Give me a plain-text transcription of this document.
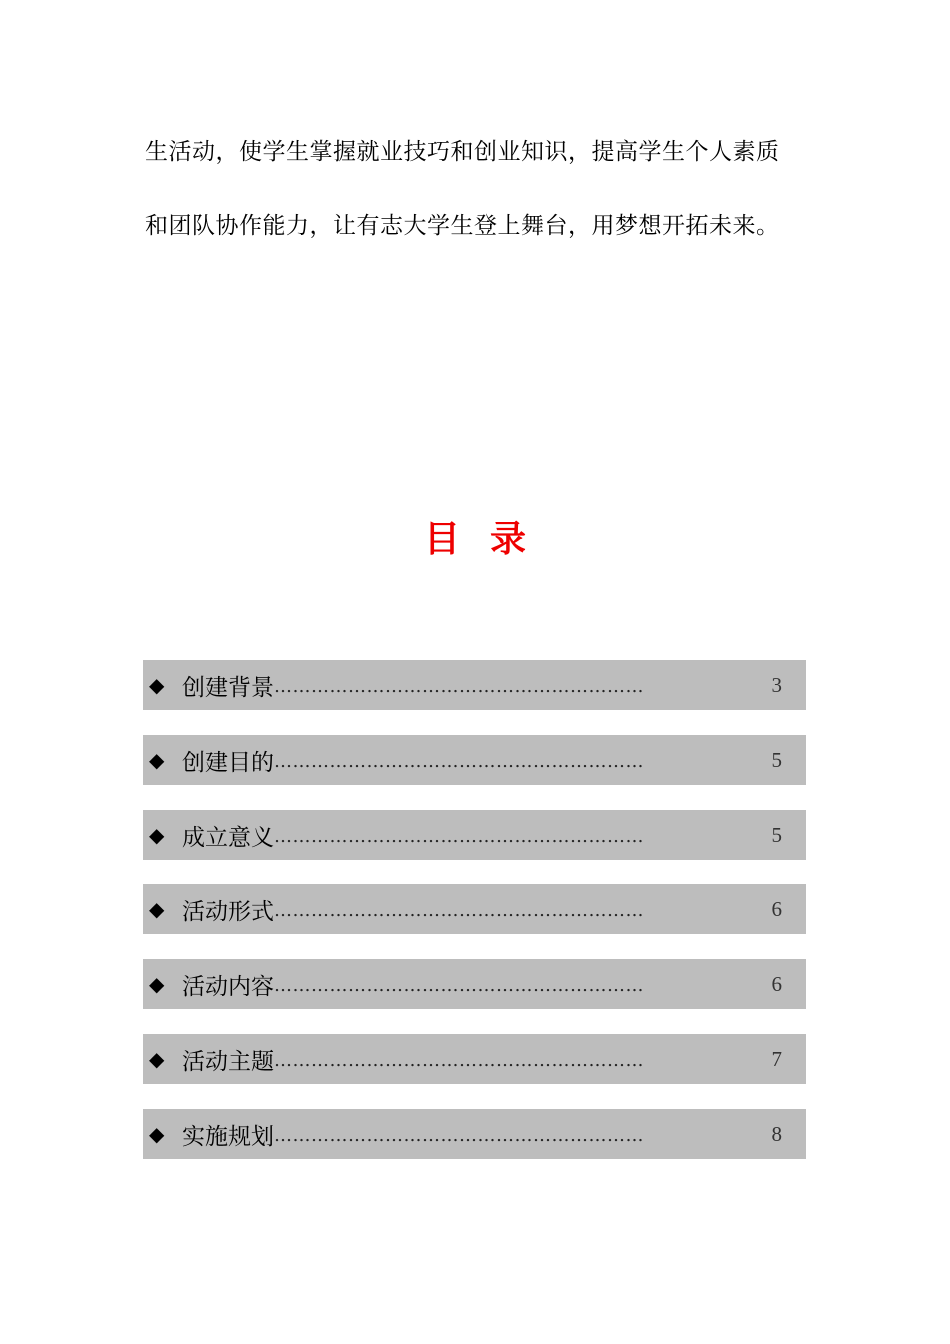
生活动，使学生掌握就业技巧和创业知识，提高学生个人素质
和团队协作能力，让有志大学生登上舞台，用梦想开拓未来。
目录
◆ 创建背景 ……………………………………………………	3
◆ 创建目的 ……………………………………………………	5
◆ 成立意义 ……………………………………………………	5
◆ 活动形式 ……………………………………………………	6
◆ 活动内容 ……………………………………………………	6
◆ 活动主题 ……………………………………………………	7
◆ 实施规划 ……………………………………………………	8
